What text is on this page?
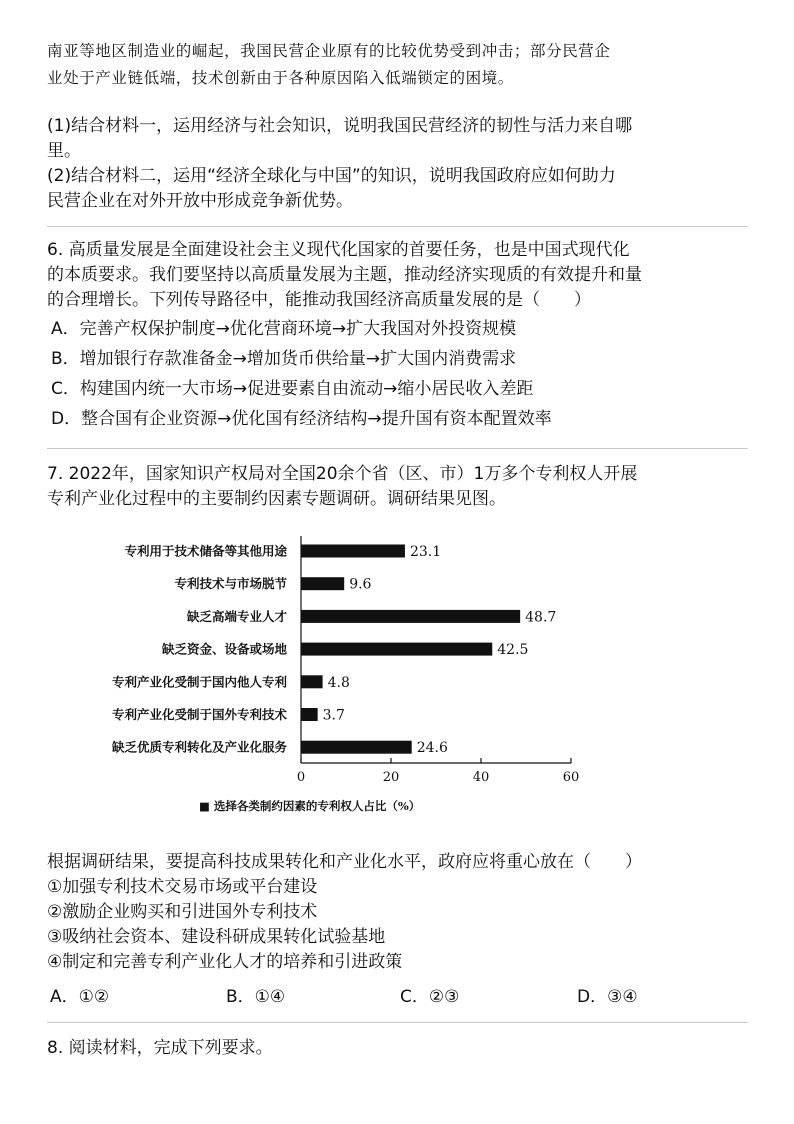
南亚等地区制造业的崛起，我国民营企业原有的比较优势受到冲击；部分民营企
业处于产业链低端，技术创新由于各种原因陷入低端锁定的困境。
(1)结合材料一，运用经济与社会知识，说明我国民营经济的韧性与活力来自哪
里。
(2)结合材料二，运用“经济全球化与中国”的知识，说明我国政府应如何助力
民营企业在对外开放中形成竞争新优势。
6. 高质量发展是全面建设社会主义现代化国家的首要任务，也是中国式现代化
的本质要求。我们要坚持以高质量发展为主题，推动经济实现质的有效提升和量
的合理增长。下列传导路径中，能推动我国经济高质量发展的是（　　）
A．完善产权保护制度→优化营商环境→扩大我国对外投资规模
B．增加银行存款准备金→增加货币供给量→扩大国内消费需求
C．构建国内统一大市场→促进要素自由流动→缩小居民收入差距
D．整合国有企业资源→优化国有经济结构→提升国有资本配置效率
7. 2022年，国家知识产权局对全国20余个省（区、市）1万多个专利权人开展
专利产业化过程中的主要制约因素专题调研。调研结果见图。
专利用于技术储备等其他用途	23.1
专利技术与市场脱节	9.6
缺乏高端专业人才	48.7
缺乏资金、设备或场地	42.5
专利产业化受制于国内他人专利	4.8
专利产业化受制于国外专利技术	3.7
缺乏优质专利转化及产业化服务	24.6
0	20	40	60
■ 选择各类制约因素的专利权人占比（%）
根据调研结果，要提高科技成果转化和产业化水平，政府应将重心放在（　　）
①加强专利技术交易市场或平台建设
②激励企业购买和引进国外专利技术
③吸纳社会资本、建设科研成果转化试验基地
④制定和完善专利产业化人才的培养和引进政策
A．①②	B．①④	C．②③	D．③④
8. 阅读材料，完成下列要求。
